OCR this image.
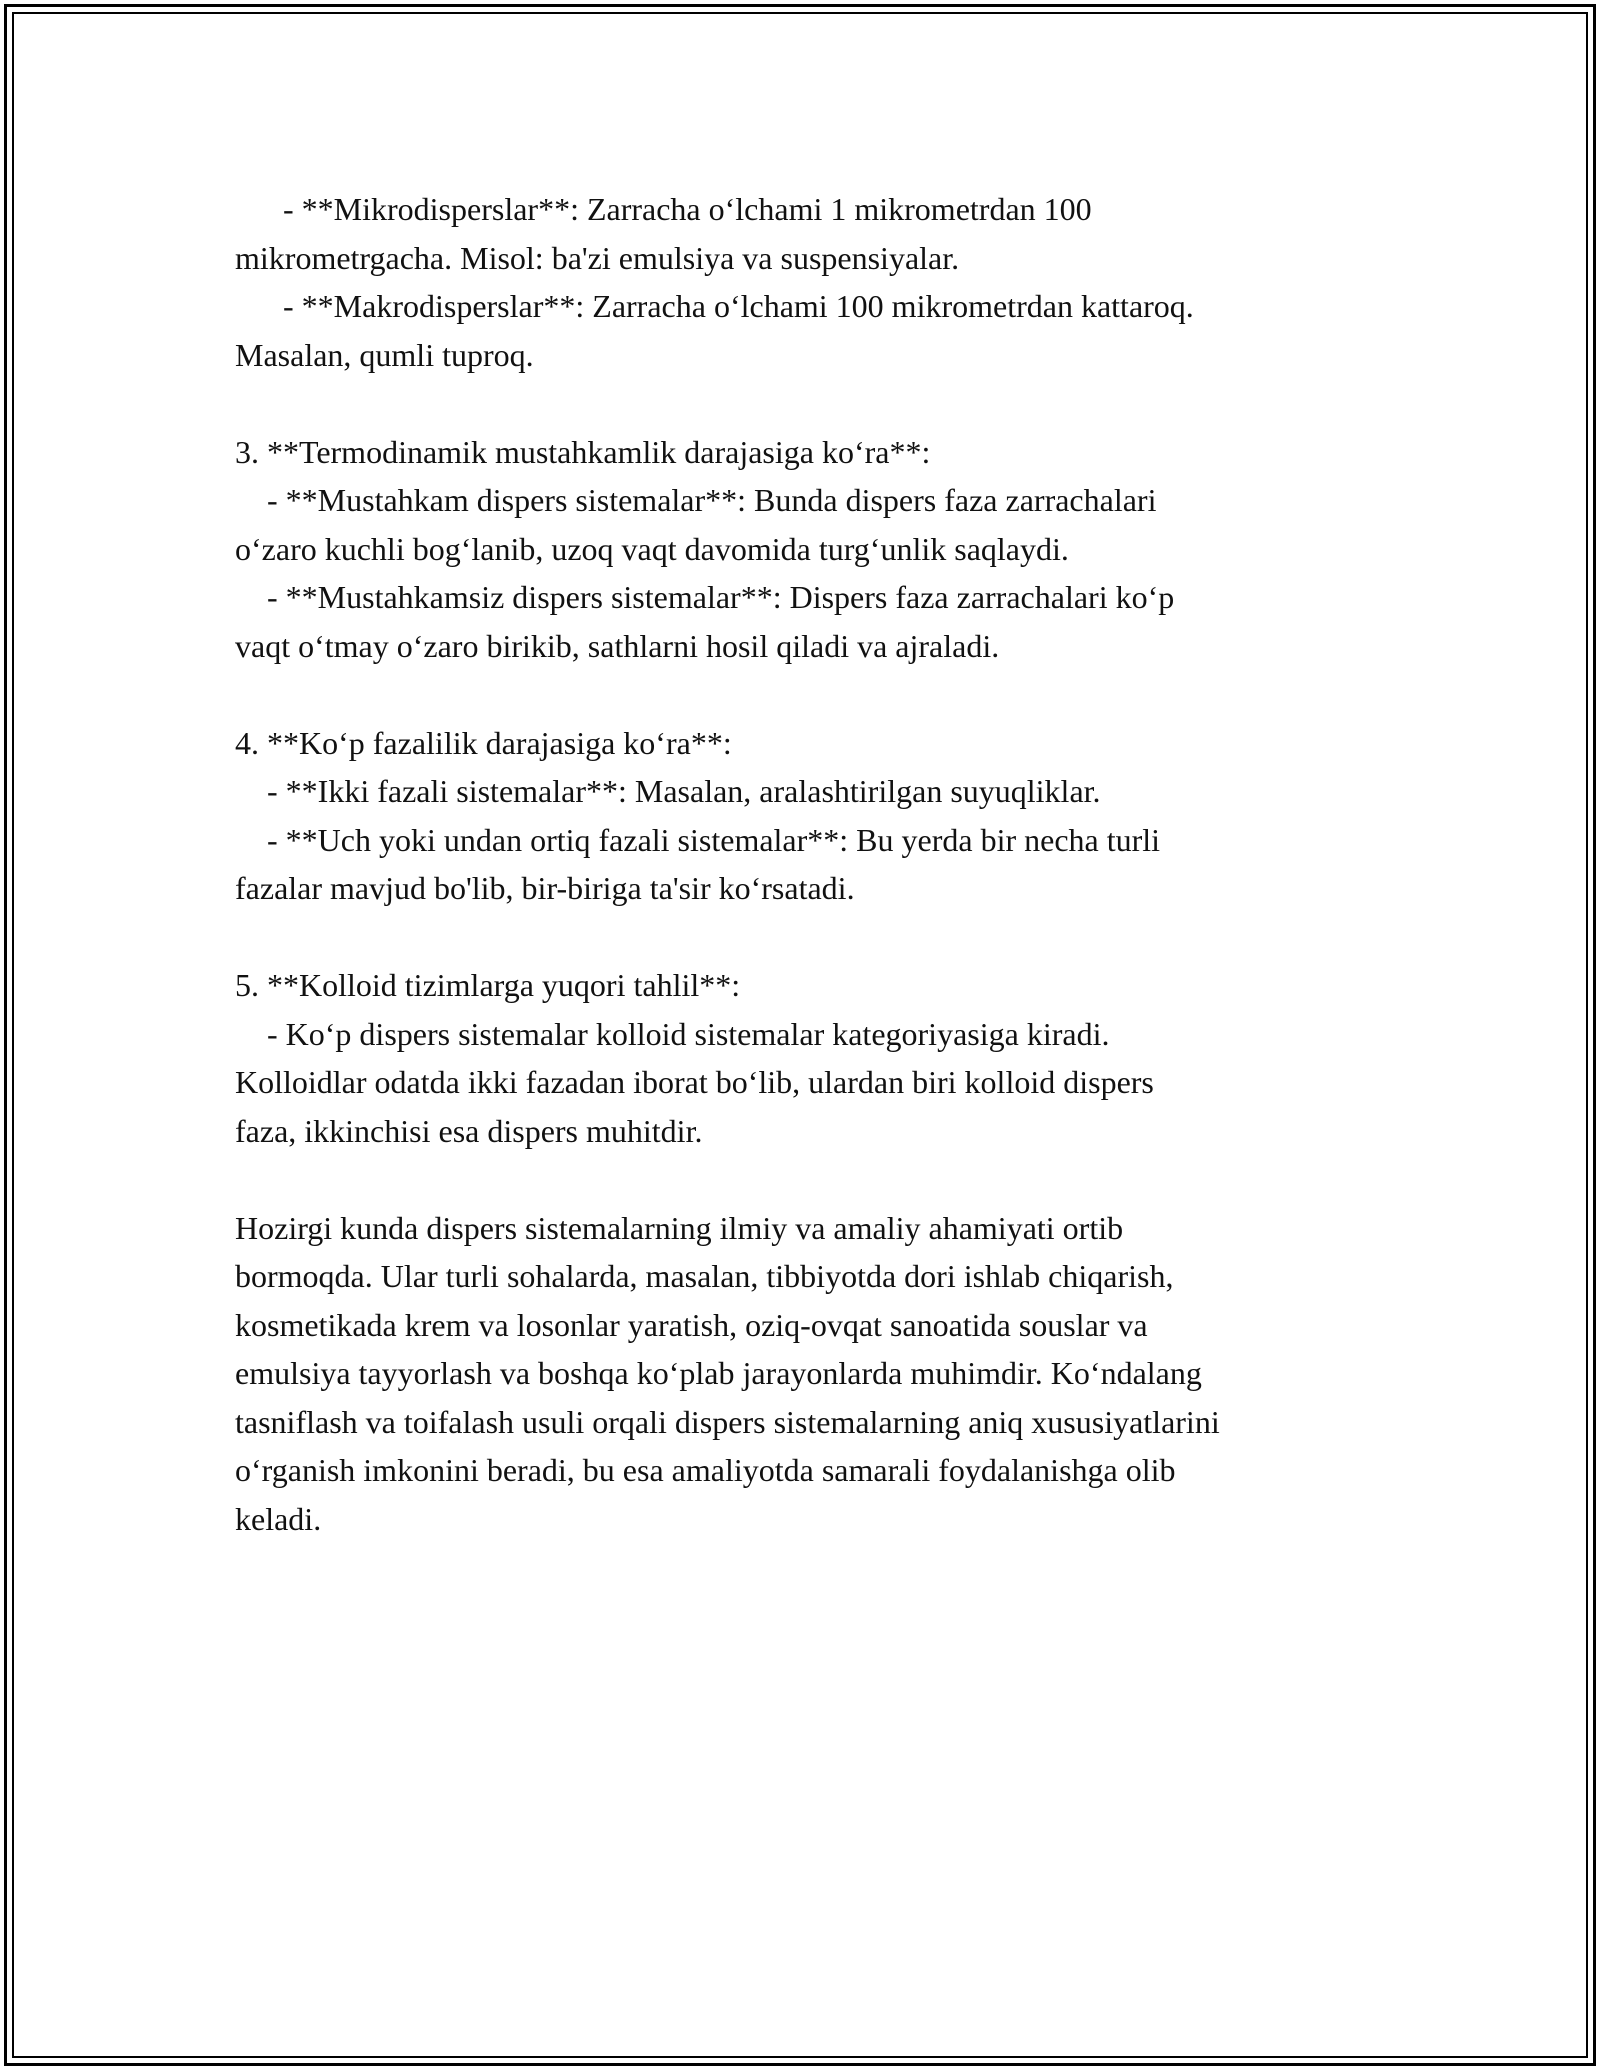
- **Mikrodisperslar**: Zarracha o‘lchami 1 mikrometrdan 100
mikrometrgacha. Misol: ba'zi emulsiya va suspensiyalar.
- **Makrodisperslar**: Zarracha o‘lchami 100 mikrometrdan kattaroq.
Masalan, qumli tuproq.
3. **Termodinamik mustahkamlik darajasiga ko‘ra**:
- **Mustahkam dispers sistemalar**: Bunda dispers faza zarrachalari
o‘zaro kuchli bog‘lanib, uzoq vaqt davomida turg‘unlik saqlaydi.
- **Mustahkamsiz dispers sistemalar**: Dispers faza zarrachalari ko‘p
vaqt o‘tmay o‘zaro birikib, sathlarni hosil qiladi va ajraladi.
4. **Ko‘p fazalilik darajasiga ko‘ra**:
- **Ikki fazali sistemalar**: Masalan, aralashtirilgan suyuqliklar.
- **Uch yoki undan ortiq fazali sistemalar**: Bu yerda bir necha turli
fazalar mavjud bo'lib, bir-biriga ta'sir ko‘rsatadi.
5. **Kolloid tizimlarga yuqori tahlil**:
- Ko‘p dispers sistemalar kolloid sistemalar kategoriyasiga kiradi.
Kolloidlar odatda ikki fazadan iborat bo‘lib, ulardan biri kolloid dispers
faza, ikkinchisi esa dispers muhitdir.
Hozirgi kunda dispers sistemalarning ilmiy va amaliy ahamiyati ortib
bormoqda. Ular turli sohalarda, masalan, tibbiyotda dori ishlab chiqarish,
kosmetikada krem va losonlar yaratish, oziq-ovqat sanoatida souslar va
emulsiya tayyorlash va boshqa ko‘plab jarayonlarda muhimdir. Ko‘ndalang
tasniflash va toifalash usuli orqali dispers sistemalarning aniq xususiyatlarini
o‘rganish imkonini beradi, bu esa amaliyotda samarali foydalanishga olib
keladi.
